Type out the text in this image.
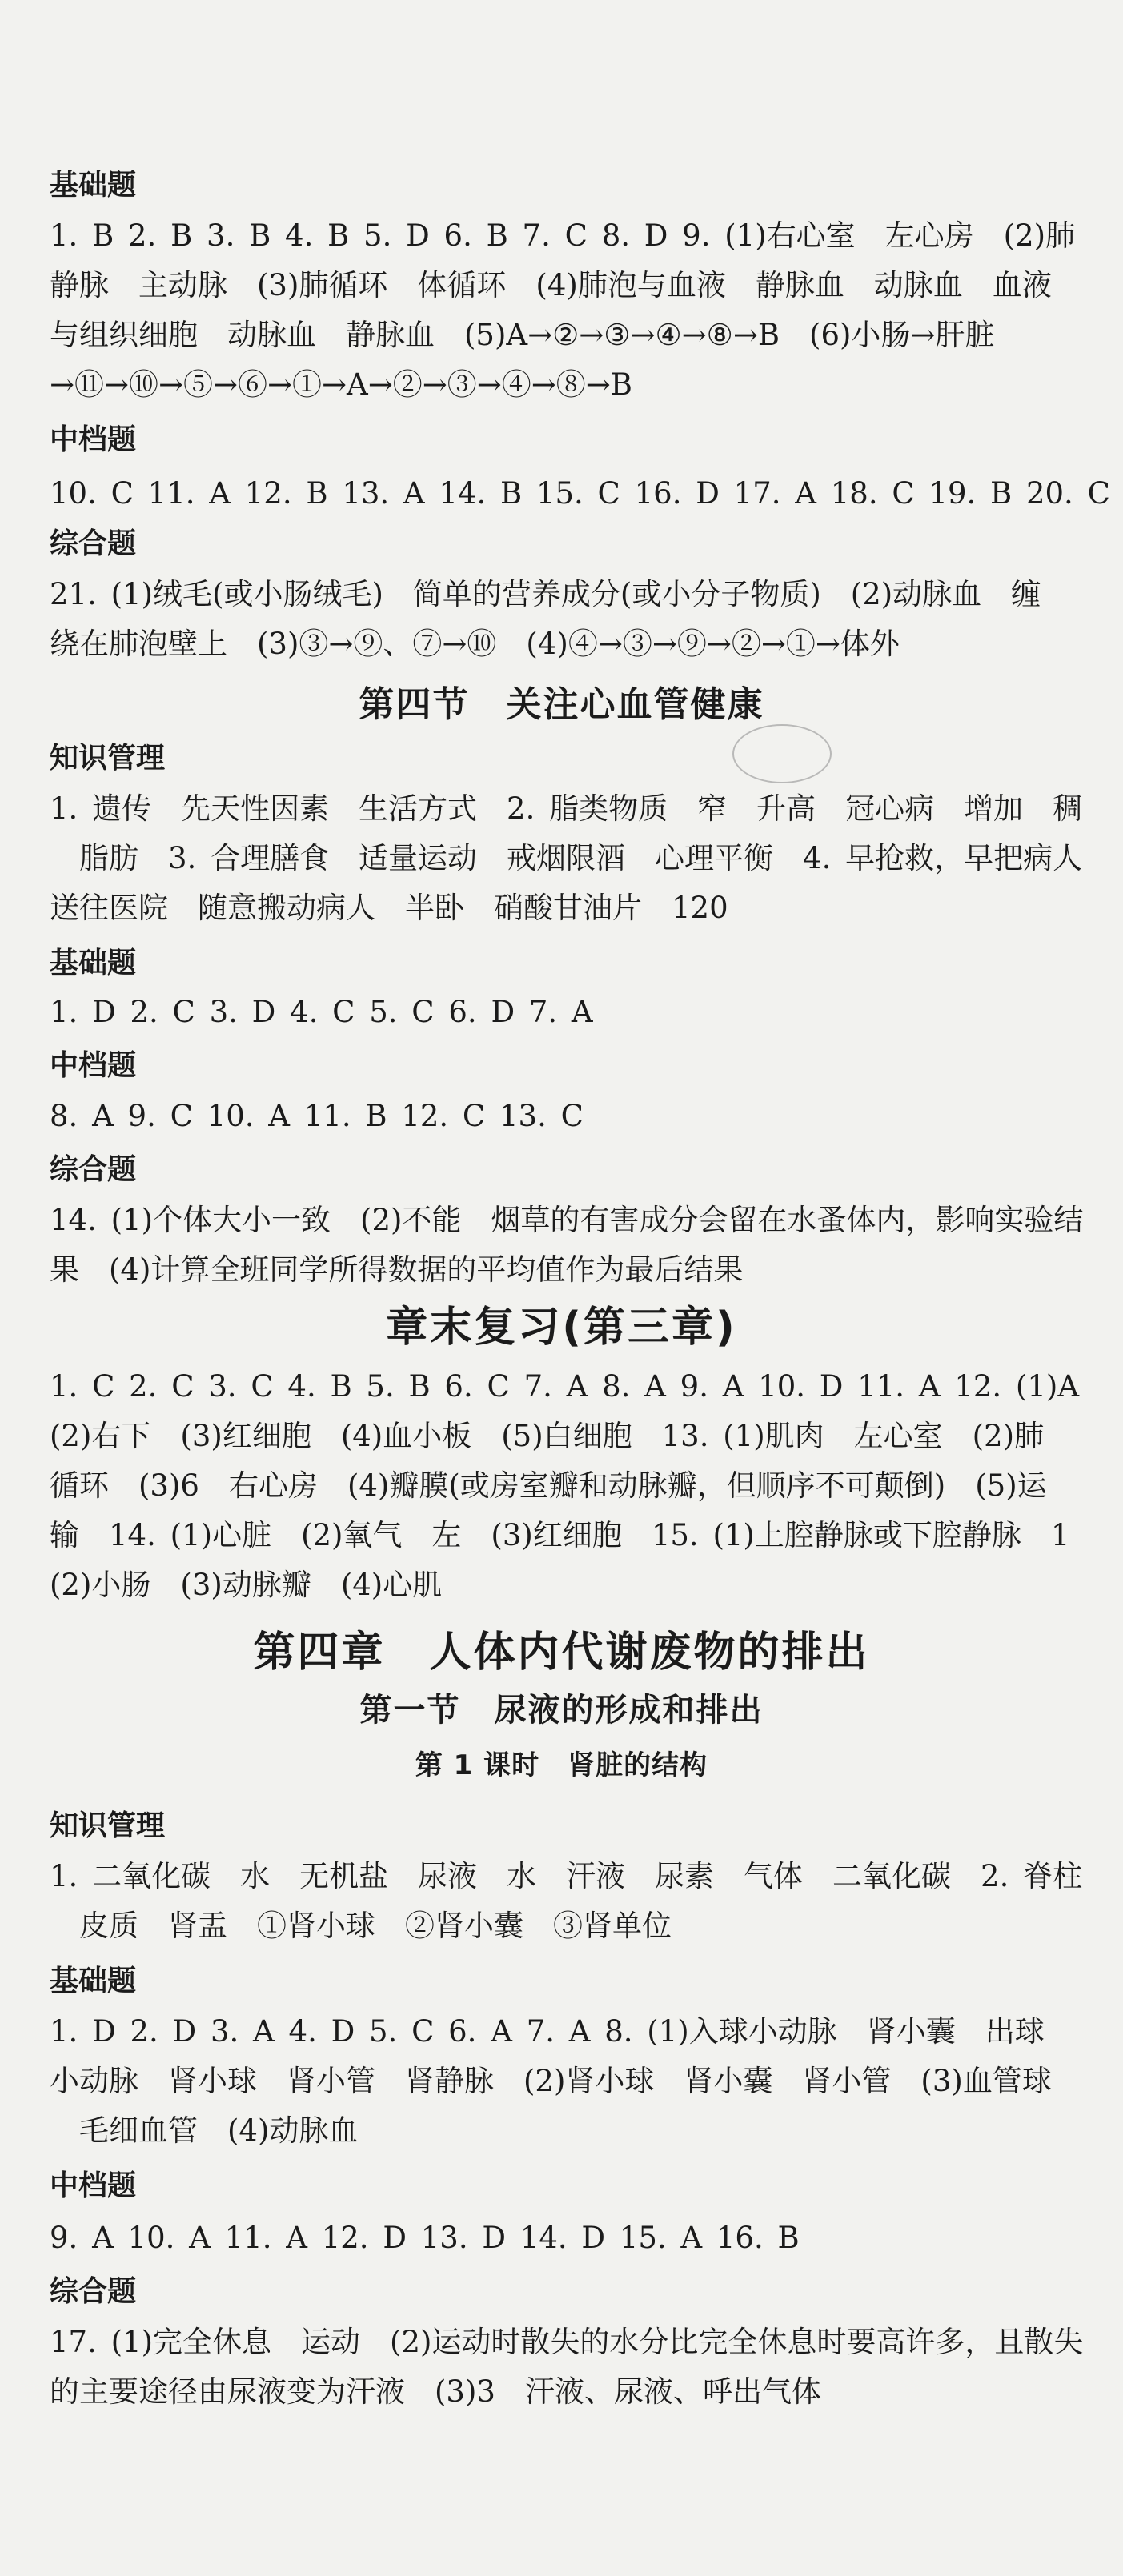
基础题
1. B 2. B 3. B 4. B 5. D 6. B 7. C 8. D 9. (1)右心室　左心房　(2)肺
静脉　主动脉　(3)肺循环　体循环　(4)肺泡与血液　静脉血　动脉血　血液
与组织细胞　动脉血　静脉血　(5)A→②→③→④→⑧→B　(6)小肠→肝脏
→⑪→⑩→⑤→⑥→①→A→②→③→④→⑧→B
中档题
10. C 11. A 12. B 13. A 14. B 15. C 16. D 17. A 18. C 19. B 20. C
综合题
21. (1)绒毛(或小肠绒毛)　简单的营养成分(或小分子物质)　(2)动脉血　缠
绕在肺泡壁上　(3)③→⑨、⑦→⑩　(4)④→③→⑨→②→①→体外
第四节　关注心血管健康
知识管理
1. 遗传　先天性因素　生活方式　2. 脂类物质　窄　升高　冠心病　增加　稠
　脂肪　3. 合理膳食　适量运动　戒烟限酒　心理平衡　4. 早抢救，早把病人
送往医院　随意搬动病人　半卧　硝酸甘油片　120
基础题
1. D 2. C 3. D 4. C 5. C 6. D 7. A
中档题
8. A 9. C 10. A 11. B 12. C 13. C
综合题
14. (1)个体大小一致　(2)不能　烟草的有害成分会留在水蚤体内，影响实验结
果　(4)计算全班同学所得数据的平均值作为最后结果
章末复习(第三章)
1. C 2. C 3. C 4. B 5. B 6. C 7. A 8. A 9. A 10. D 11. A 12. (1)A
(2)右下　(3)红细胞　(4)血小板　(5)白细胞　13. (1)肌肉　左心室　(2)肺
循环　(3)6　右心房　(4)瓣膜(或房室瓣和动脉瓣，但顺序不可颠倒)　(5)运
输　14. (1)心脏　(2)氧气　左　(3)红细胞　15. (1)上腔静脉或下腔静脉　1
(2)小肠　(3)动脉瓣　(4)心肌
第四章　人体内代谢废物的排出
第一节　尿液的形成和排出
第 1 课时　肾脏的结构
知识管理
1. 二氧化碳　水　无机盐　尿液　水　汗液　尿素　气体　二氧化碳　2. 脊柱
　皮质　肾盂　①肾小球　②肾小囊　③肾单位
基础题
1. D 2. D 3. A 4. D 5. C 6. A 7. A 8. (1)入球小动脉　肾小囊　出球
小动脉　肾小球　肾小管　肾静脉　(2)肾小球　肾小囊　肾小管　(3)血管球
　毛细血管　(4)动脉血
中档题
9. A 10. A 11. A 12. D 13. D 14. D 15. A 16. B
综合题
17. (1)完全休息　运动　(2)运动时散失的水分比完全休息时要高许多，且散失
的主要途径由尿液变为汗液　(3)3　汗液、尿液、呼出气体
